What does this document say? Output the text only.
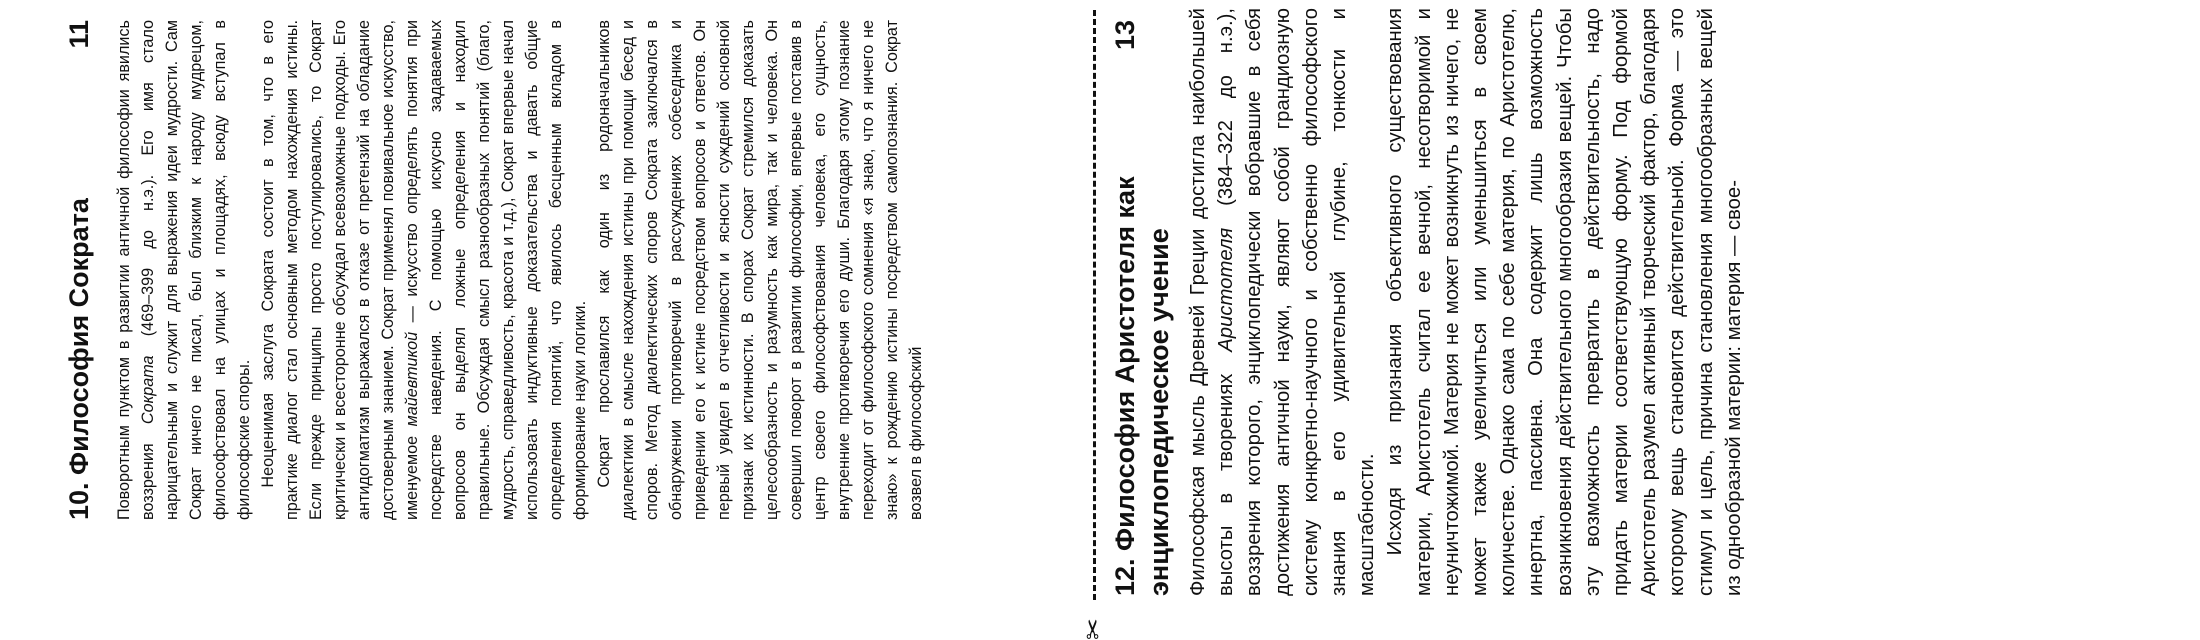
10. Философия Сократа
11 Поворотным пунктом в развитии античной философии явились воззрения Сократа (469–399 до н.э.). Его имя стало нарицательным и служит для выражения идеи мудрости. Сам Сократ ничего не писал, был близким к народу мудрецом, философствовал на улицах и площадях, всюду вступал в философские споры. Неоценимая заслуга Сократа состоит в том, что в его практике диалог стал основным методом нахождения истины. Если прежде принципы просто постулировались, то Сократ критически и всесторонне обсуждал всевозможные подходы. Его антидогматизм выражался в отказе от претензий на обладание достоверным знанием. Сократ применял повивальное искусство, именуемое майевтикой — искусство определять понятия при посредстве наведения. С помощью искусно задаваемых вопросов он выделял ложные определения и находил правильные. Обсуждая смысл разнообразных понятий (благо, мудрость, справедливость, красота и т.д.), Сократ впервые начал использовать индуктивные доказательства и давать общие определения понятий, что явилось бесценным вкладом в формирование науки логики. Сократ прославился как один из родоначальников диалектики в смысле нахождения истины при помощи бесед и споров. Метод диалектических споров Сократа заключался в обнаружении противоречий в рассуждениях собеседника и приведении его к истине посредством вопросов и ответов. Он первый увидел в отчетливости и ясности суждений основной признак их истинности. В спорах Сократ стремился доказать целесообразность и разумность как мира, так и человека. Он совершил поворот в развитии философии, впервые поставив в центр своего философствования человека, его сущность, внутренние противоречия его души. Благодаря этому познание переходит от философского сомнения «я знаю, что я ничего не знаю» к рождению истины посредством самопознания. Сократ возвел в философский

✂
12. Философия Аристотеля как энциклопедическое учение
13 Философская мысль Древней Греции достигла наибольшей высоты в творениях Аристотеля (384–322 до н.э.), воззрения которого, энциклопедически вобравшие в себя достижения античной науки, являют собой грандиозную систему конкретно-научного и собственно философского знания в его удивительной глубине, тонкости и масштабности. Исходя из признания объективного существования материи, Аристотель считал ее вечной, несотворимой и неуничтожимой. Материя не может возникнуть из ничего, не может также увеличиться или уменьшиться в своем количестве. Однако сама по себе материя, по Аристотелю, инертна, пассивна. Она содержит лишь возможность возникновения действительного многообразия вещей. Чтобы эту возможность превратить в действительность, надо придать материи соответствующую форму. Под формой Аристотель разумел активный творческий фактор, благодаря которому вещь становится действительной. Форма — это стимул и цель, причина становления многообразных вещей из однообразной материи: материя — свое-
